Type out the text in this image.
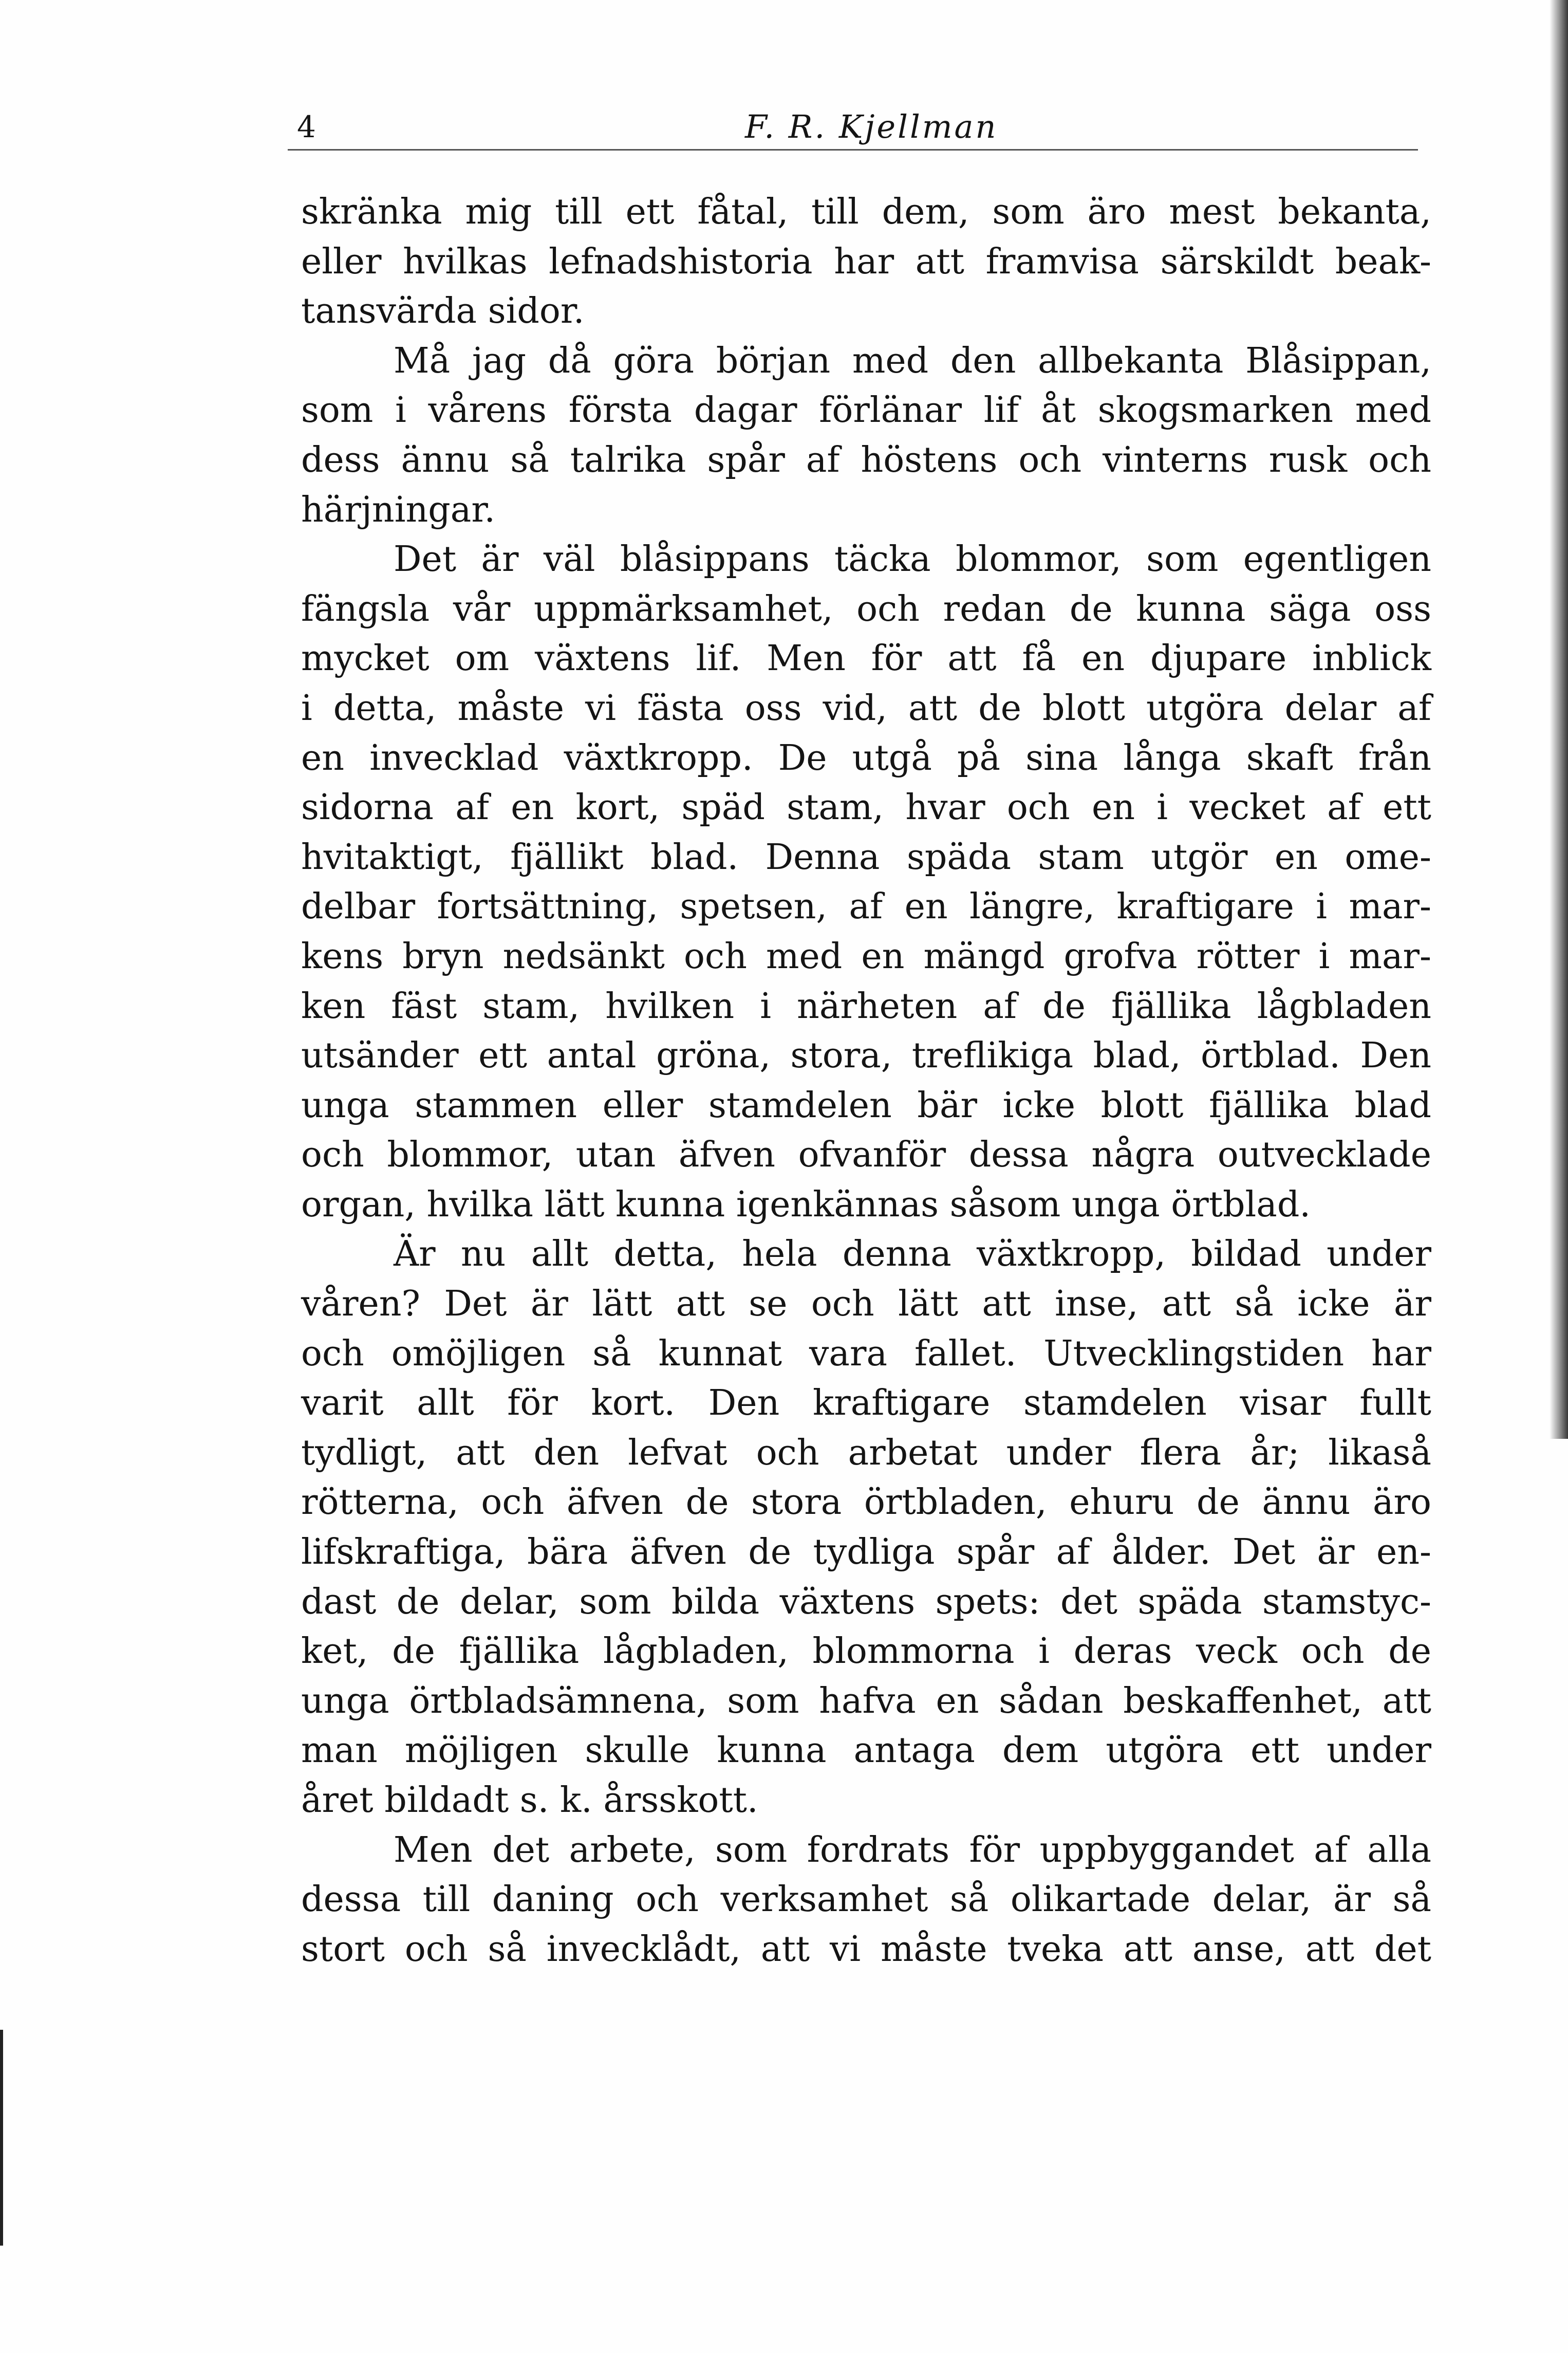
4	F. R. Kjellman
skränka mig till ett fåtal, till dem, som äro mest bekanta,
eller hvilkas lefnadshistoria har att framvisa särskildt beak-
tansvärda sidor.
Må jag då göra början med den allbekanta Blåsippan,
som i vårens första dagar förlänar lif åt skogsmarken med
dess ännu så talrika spår af höstens och vinterns rusk och
härjningar.
Det är väl blåsippans täcka blommor, som egentligen
fängsla vår uppmärksamhet, och redan de kunna säga oss
mycket om växtens lif. Men för att få en djupare inblick
i detta, måste vi fästa oss vid, att de blott utgöra delar af
en invecklad växtkropp. De utgå på sina långa skaft från
sidorna af en kort, späd stam, hvar och en i vecket af ett
hvitaktigt, fjällikt blad. Denna späda stam utgör en ome-
delbar fortsättning, spetsen, af en längre, kraftigare i mar-
kens bryn nedsänkt och med en mängd grofva rötter i mar-
ken fäst stam, hvilken i närheten af de fjällika lågbladen
utsänder ett antal gröna, stora, treflikiga blad, örtblad. Den
unga stammen eller stamdelen bär icke blott fjällika blad
och blommor, utan äfven ofvanför dessa några outvecklade
organ, hvilka lätt kunna igenkännas såsom unga örtblad.
Är nu allt detta, hela denna växtkropp, bildad under
våren? Det är lätt att se och lätt att inse, att så icke är
och omöjligen så kunnat vara fallet. Utvecklingstiden har
varit allt för kort. Den kraftigare stamdelen visar fullt
tydligt, att den lefvat och arbetat under flera år; likaså
rötterna, och äfven de stora örtbladen, ehuru de ännu äro
lifskraftiga, bära äfven de tydliga spår af ålder. Det är en-
dast de delar, som bilda växtens spets: det späda stamstyc-
ket, de fjällika lågbladen, blommorna i deras veck och de
unga örtbladsämnena, som hafva en sådan beskaffenhet, att
man möjligen skulle kunna antaga dem utgöra ett under
året bildadt s. k. årsskott.
Men det arbete, som fordrats för uppbyggandet af alla
dessa till daning och verksamhet så olikartade delar, är så
stort och så invecklådt, att vi måste tveka att anse, att det
